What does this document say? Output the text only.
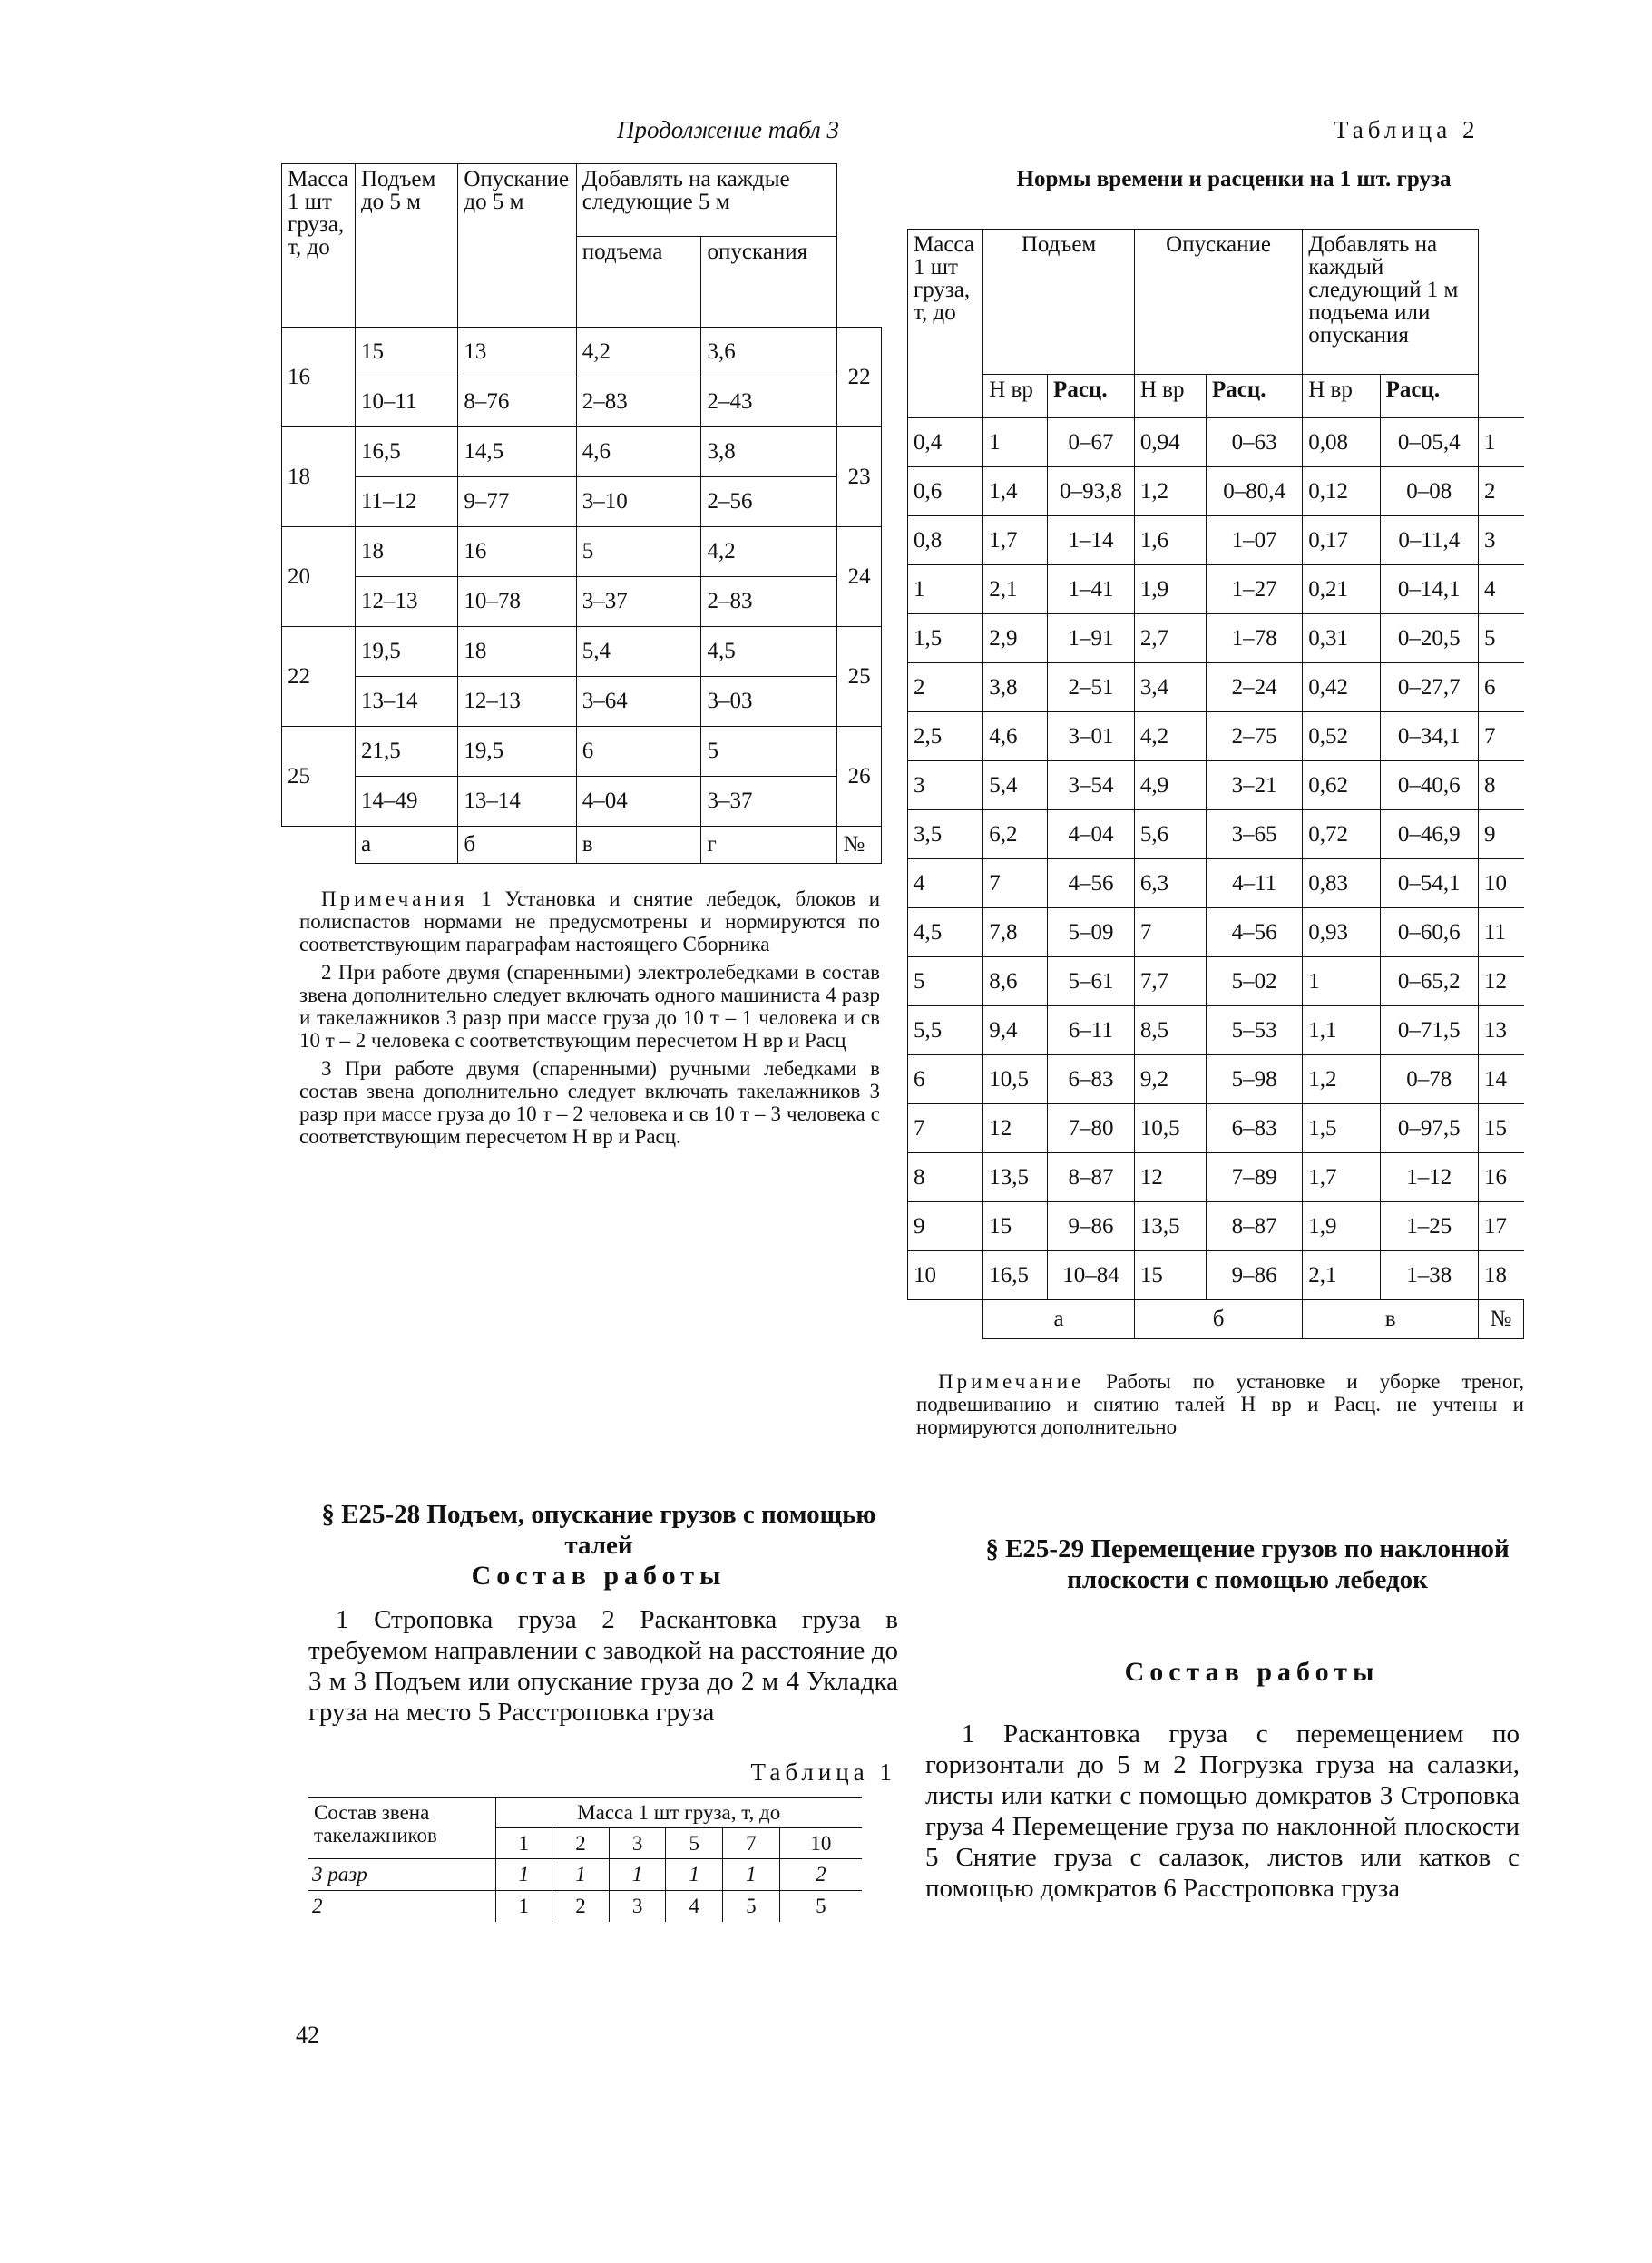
Продолжение табл 3	Таблица 2
Нормы времени и расценки на 1 шт. груза
Масса 1 шт груза, т, до	Подъем до 5 м	Опускание до 5 м	Добавлять на каждые следующие 5 м		
			подъема	опускания	
16	15	13	4,2	3,6	22
	10–11	8–76	2–83	2–43	
18	16,5	14,5	4,6	3,8	23
	11–12	9–77	3–10	2–56	
20	18	16	5	4,2	24
	12–13	10–78	3–37	2–83	
22	19,5	18	5,4	4,5	25
	13–14	12–13	3–64	3–03	
25	21,5	19,5	6	5	26
	14–49	13–14	4–04	3–37	
	а	б	в	г	№

Примечания 1 Установка и снятие лебедок, блоков и полиспастов нормами не предусмотрены и нормируются по соответствующим параграфам настоящего Сборника

2 При работе двумя (спаренными) электролебедками в состав звена дополнительно следует включать одного машиниста 4 разр и такелажников 3 разр при массе груза до 10 т – 1 человека и св 10 т – 2 человека с соответствующим пересчетом Н вр и Расц

3 При работе двумя (спаренными) ручными лебедками в состав звена дополнительно следует включать такелажников 3 разр при массе груза до 10 т – 2 человека и св 10 т – 3 человека с соответствующим пересчетом Н вр и Расц.

Масса 1 шт груза, т, до	Подъем		Опускание		Добавлять на каждый следующий 1 м подъема или опускания		
	Н вр	Расц.	Н вр	Расц.	Н вр	Расц.	
0,4	1	0–67	0,94	0–63	0,08	0–05,4	1
0,6	1,4	0–93,8	1,2	0–80,4	0,12	0–08	2
0,8	1,7	1–14	1,6	1–07	0,17	0–11,4	3
1	2,1	1–41	1,9	1–27	0,21	0–14,1	4
1,5	2,9	1–91	2,7	1–78	0,31	0–20,5	5
2	3,8	2–51	3,4	2–24	0,42	0–27,7	6
2,5	4,6	3–01	4,2	2–75	0,52	0–34,1	7
3	5,4	3–54	4,9	3–21	0,62	0–40,6	8
3,5	6,2	4–04	5,6	3–65	0,72	0–46,9	9
4	7	4–56	6,3	4–11	0,83	0–54,1	10
4,5	7,8	5–09	7	4–56	0,93	0–60,6	11
5	8,6	5–61	7,7	5–02	1	0–65,2	12
5,5	9,4	6–11	8,5	5–53	1,1	0–71,5	13
6	10,5	6–83	9,2	5–98	1,2	0–78	14
7	12	7–80	10,5	6–83	1,5	0–97,5	15
8	13,5	8–87	12	7–89	1,7	1–12	16
9	15	9–86	13,5	8–87	1,9	1–25	17
10	16,5	10–84	15	9–86	2,1	1–38	18
	а		б		в		№

Примечание Работы по установке и уборке треног, подвешиванию и снятию талей Н вр и Расц. не учтены и нормируются дополнительно

§ Е25-28 Подъем, опускание грузов с помощью талей
Состав работы
1 Строповка груза 2 Раскантовка груза в требуемом направлении с заводкой на расстояние до 3 м 3 Подъем или опускание груза до 2 м 4 Укладка груза на место 5 Расстроповка груза
Таблица 1
Состав звена такелажников	Масса 1 шт груза, т, до					
	1	2	3	5	7	10
3 разр	1	1	1	1	1	2
2	1	2	3	4	5	5
§ Е25-29 Перемещение грузов по наклонной плоскости с помощью лебедок
Состав работы
1 Раскантовка груза с перемещением по горизонтали до 5 м 2 Погрузка груза на салазки, листы или катки с помощью домкратов 3 Строповка груза 4 Перемещение груза по наклонной плоскости 5 Снятие груза с салазок, листов или катков с помощью домкратов 6 Расстроповка груза
42
